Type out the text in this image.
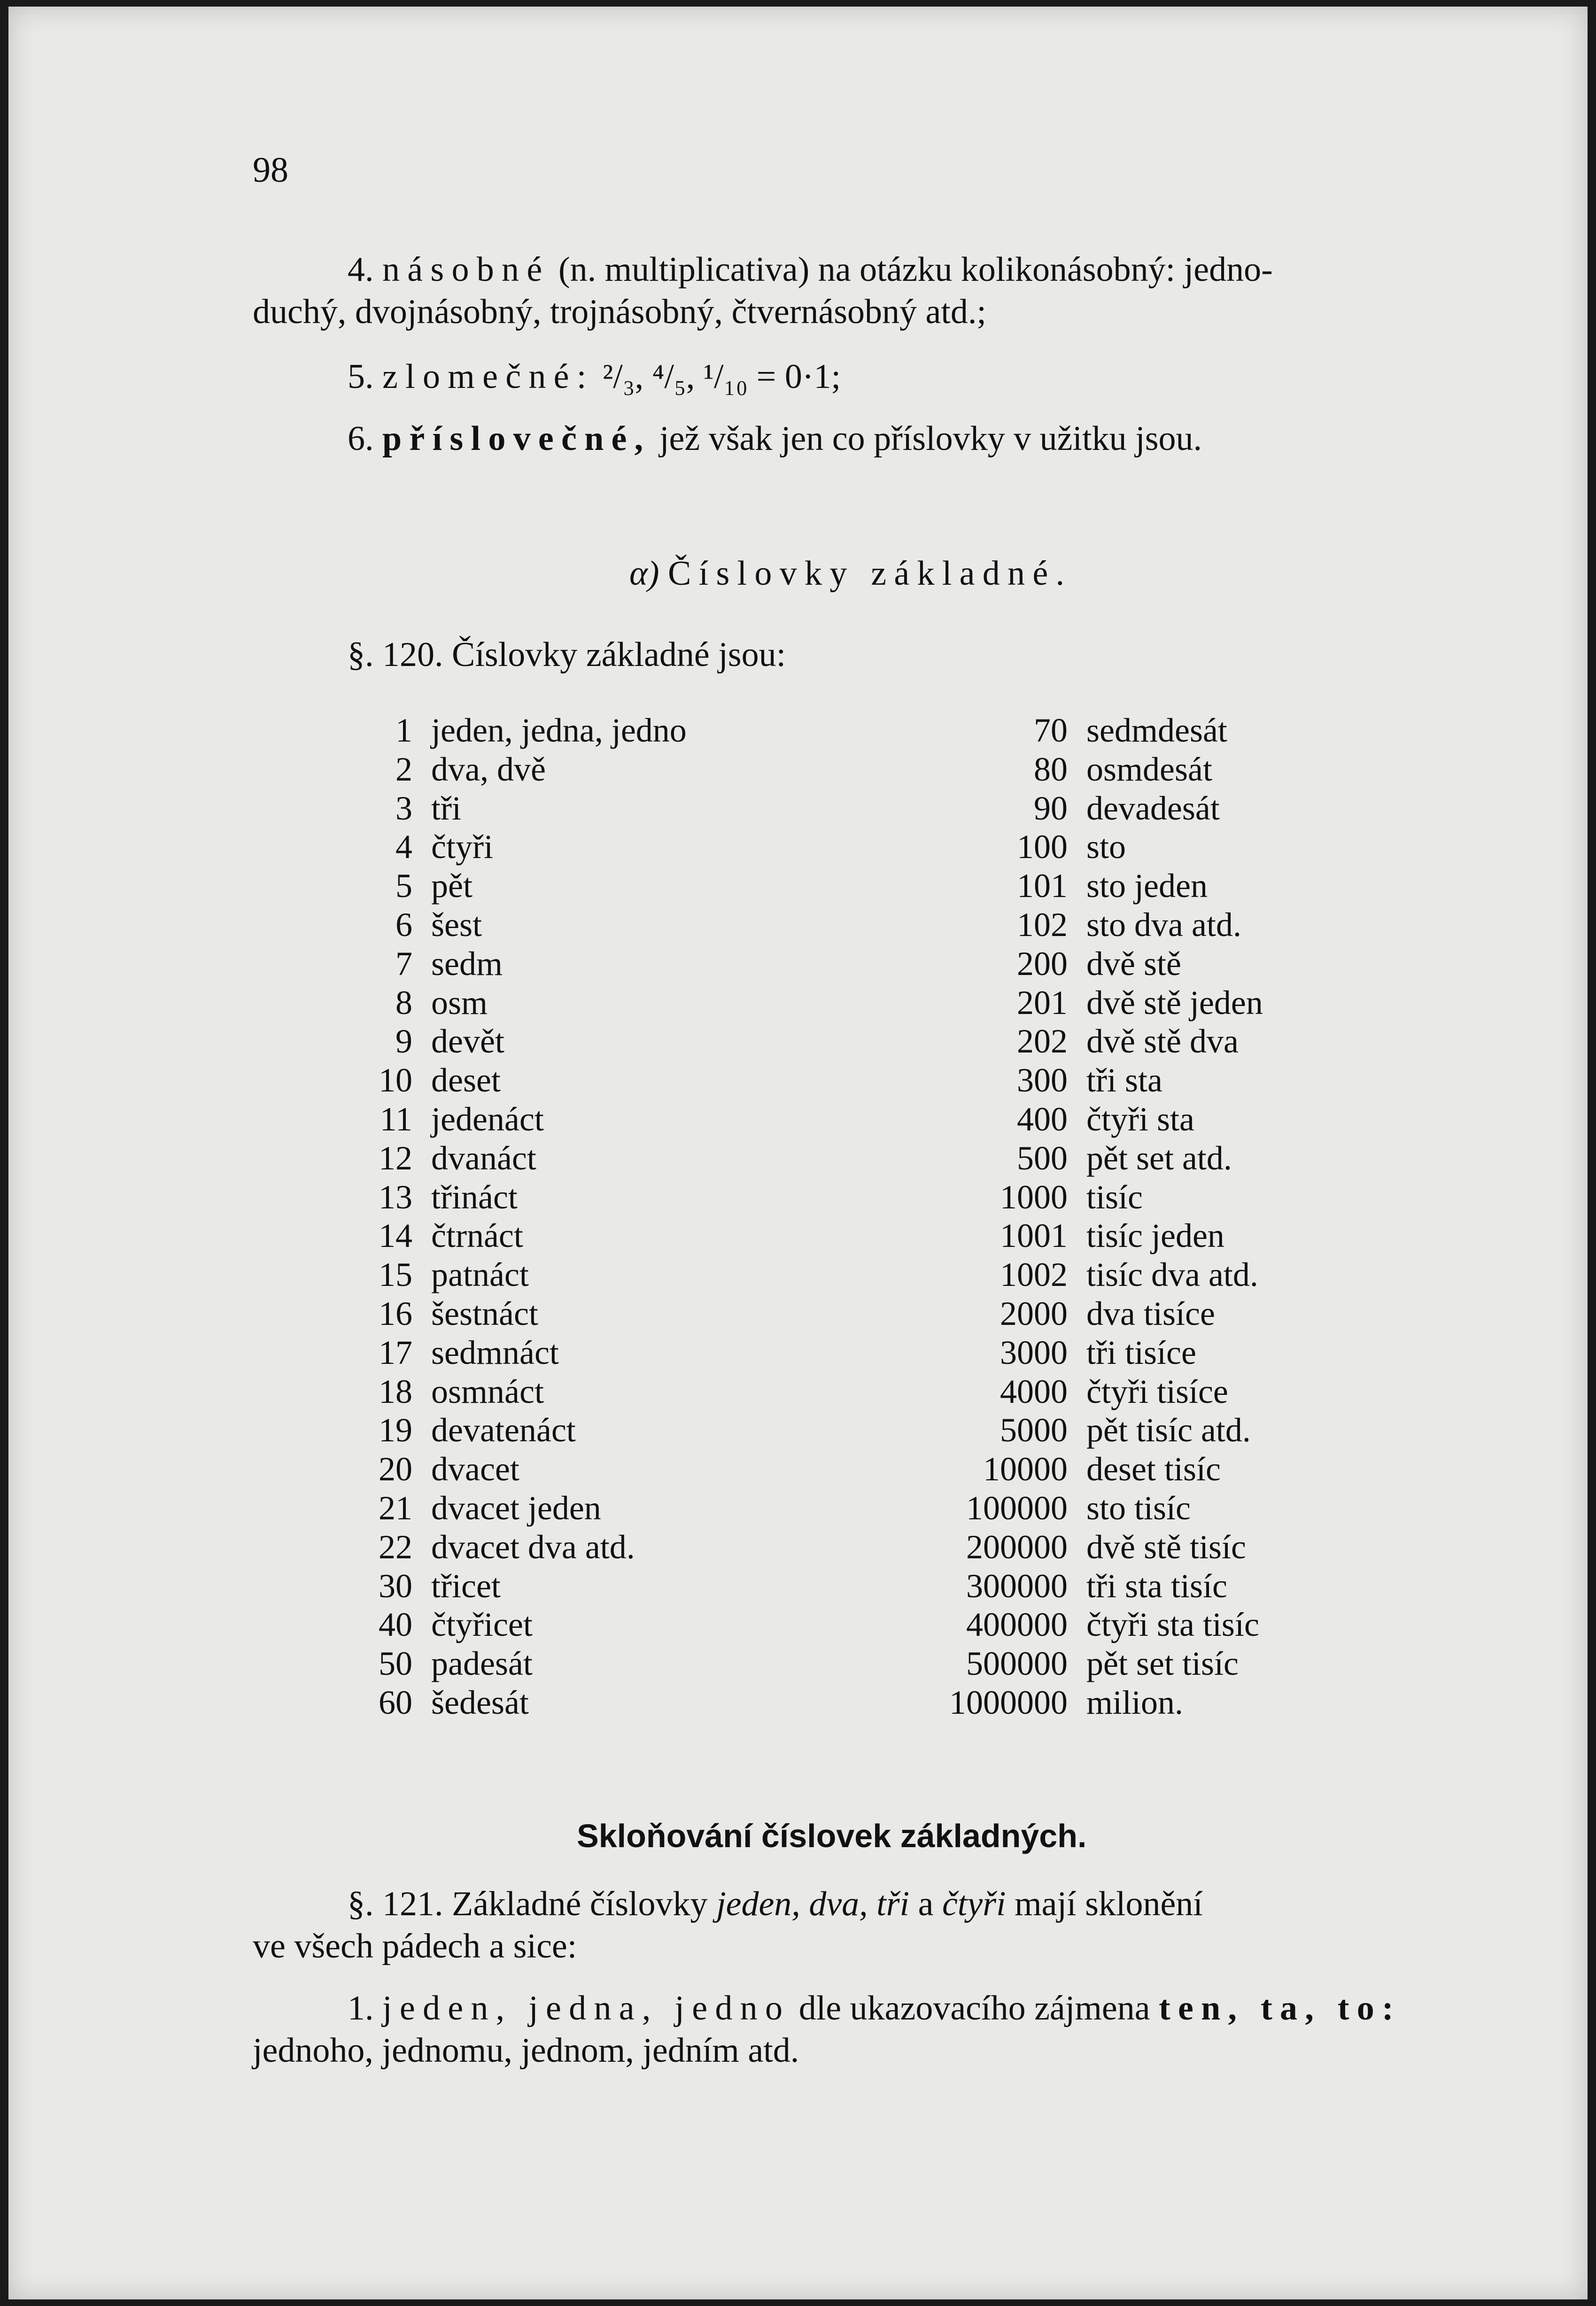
98
4. násobné (n. multiplicativa) na otázku kolikonásobný: jedno-
duchý, dvojnásobný, trojnásobný, čtvernásobný atd.;
5. zlomečné: ²/₃, ⁴/₅, ¹/₁₀ = 0·1;
6. příslovečné, jež však jen co příslovky v užitku jsou.
α) Číslovky základné.
§. 120. Číslovky základné jsou:
1
2
3
4
5
6
7
8
9
10
11
12
13
14
15
16
17
18
19
20
21
22
30
40
50
60
jeden, jedna, jedno
dva, dvě
tři
čtyři
pět
šest
sedm
osm
devět
deset
jedenáct
dvanáct
třináct
čtrnáct
patnáct
šestnáct
sedmnáct
osmnáct
devatenáct
dvacet
dvacet jeden
dvacet dva atd.
třicet
čtyřicet
padesát
šedesát
70
80
90
100
101
102
200
201
202
300
400
500
1000
1001
1002
2000
3000
4000
5000
10000
100000
200000
300000
400000
500000
1000000
sedmdesát
osmdesát
devadesát
sto
sto jeden
sto dva atd.
dvě stě
dvě stě jeden
dvě stě dva
tři sta
čtyři sta
pět set atd.
tisíc
tisíc jeden
tisíc dva atd.
dva tisíce
tři tisíce
čtyři tisíce
pět tisíc atd.
deset tisíc
sto tisíc
dvě stě tisíc
tři sta tisíc
čtyři sta tisíc
pět set tisíc
milion.
Skloňování číslovek základných.
§. 121. Základné číslovky jeden, dva, tři a čtyři mají sklonění
ve všech pádech a sice:
1. jeden, jedna, jedno dle ukazovacího zájmena ten, ta, to:
jednoho, jednomu, jednom, jedním atd.
